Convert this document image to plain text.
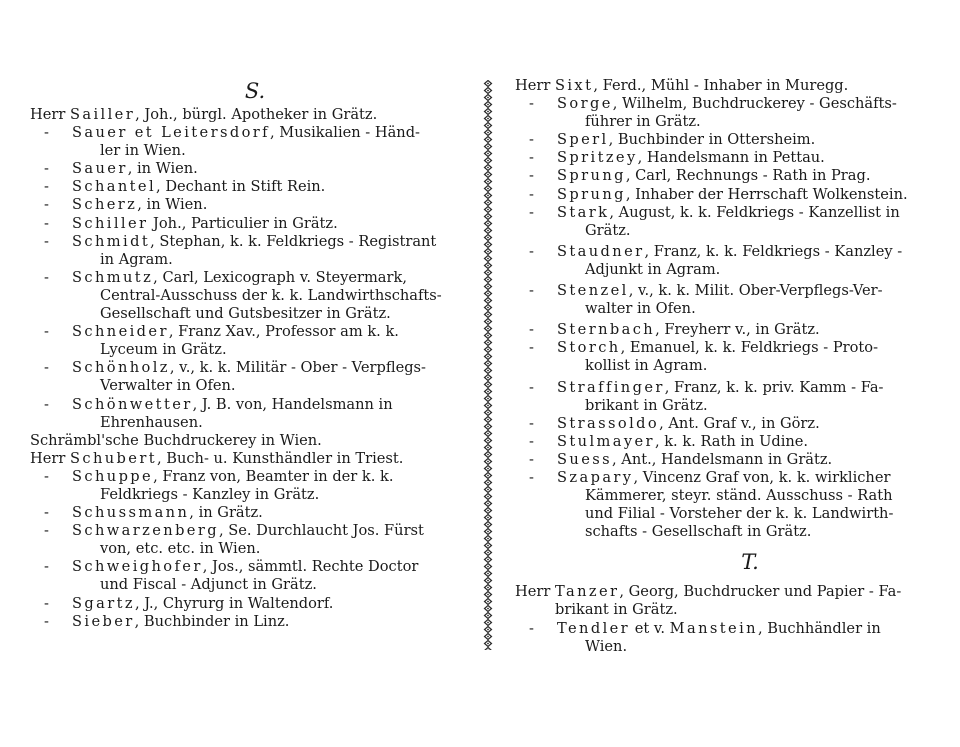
S.
Herr Sailler, Joh., bürgl. Apotheker in Grätz.
- Sauer et Leitersdorf, Musikalien - Händ-
ler in Wien.
- Sauer, in Wien.
- Schantel, Dechant in Stift Rein.
- Scherz, in Wien.
- Schiller Joh., Particulier in Grätz.
- Schmidt, Stephan, k. k. Feldkriegs - Registrant
in Agram.
- Schmutz, Carl, Lexicograph v. Steyermark,
Central-Ausschuss der k. k. Landwirthschafts-
Gesellschaft und Gutsbesitzer in Grätz.
- Schneider, Franz Xav., Professor am k. k.
Lyceum in Grätz.
- Schönholz, v., k. k. Militär - Ober - Verpflegs-
Verwalter in Ofen.
- Schönwetter, J. B. von, Handelsmann in
Ehrenhausen.
Schrämbl'sche Buchdruckerey in Wien.
Herr Schubert, Buch- u. Kunsthändler in Triest.
- Schuppe, Franz von, Beamter in der k. k.
Feldkriegs - Kanzley in Grätz.
- Schussmann, in Grätz.
- Schwarzenberg, Se. Durchlaucht Jos. Fürst
von, etc. etc. in Wien.
- Schweighofer, Jos., sämmtl. Rechte Doctor
und Fiscal - Adjunct in Grätz.
- Sgartz, J., Chyrurg in Waltendorf.
- Sieber, Buchbinder in Linz.
Herr Sixt, Ferd., Mühl - Inhaber in Muregg.
- Sorge, Wilhelm, Buchdruckerey - Geschäfts-
führer in Grätz.
- Sperl, Buchbinder in Ottersheim.
- Spritzey, Handelsmann in Pettau.
- Sprung, Carl, Rechnungs - Rath in Prag.
- Sprung, Inhaber der Herrschaft Wolkenstein.
- Stark, August, k. k. Feldkriegs - Kanzellist in
Grätz.
- Staudner, Franz, k. k. Feldkriegs - Kanzley -
Adjunkt in Agram.
- Stenzel, v., k. k. Milit. Ober-Verpflegs-Ver-
walter in Ofen.
- Sternbach, Freyherr v., in Grätz.
- Storch, Emanuel, k. k. Feldkriegs - Proto-
kollist in Agram.
- Straffinger, Franz, k. k. priv. Kamm - Fa-
brikant in Grätz.
- Strassoldo, Ant. Graf v., in Görz.
- Stulmayer, k. k. Rath in Udine.
- Suess, Ant., Handelsmann in Grätz.
- Szapary, Vincenz Graf von, k. k. wirklicher
Kämmerer, steyr. ständ. Ausschuss - Rath
und Filial - Vorsteher der k. k. Landwirth-
schafts - Gesellschaft in Grätz.
T.
Herr Tanzer, Georg, Buchdrucker und Papier - Fa-
brikant in Grätz.
- Tendler et v. Manstein, Buchhändler in
Wien.
